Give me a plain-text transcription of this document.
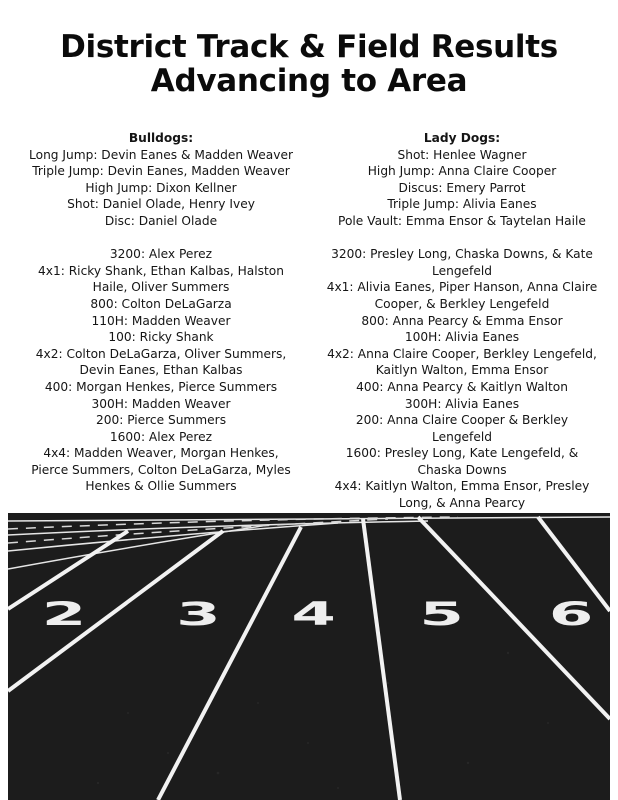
District Track & Field Results
Advancing to Area
Bulldogs:
Long Jump: Devin Eanes & Madden Weaver
Triple Jump: Devin Eanes, Madden Weaver
High Jump: Dixon Kellner
Shot: Daniel Olade, Henry Ivey
Disc: Daniel Olade
3200: Alex Perez
4x1: Ricky Shank, Ethan Kalbas, Halston Haile, Oliver Summers
800: Colton DeLaGarza
110H: Madden Weaver
100: Ricky Shank
4x2: Colton DeLaGarza, Oliver Summers, Devin Eanes, Ethan Kalbas
400: Morgan Henkes, Pierce Summers
300H: Madden Weaver
200: Pierce Summers
1600: Alex Perez
4x4: Madden Weaver, Morgan Henkes, Pierce Summers, Colton DeLaGarza, Myles Henkes & Ollie Summers
Lady Dogs:
Shot: Henlee Wagner
High Jump: Anna Claire Cooper
Discus: Emery Parrot
Triple Jump: Alivia Eanes
Pole Vault: Emma Ensor & Taytelan Haile
3200: Presley Long, Chaska Downs, & Kate Lengefeld
4x1: Alivia Eanes, Piper Hanson, Anna Claire Cooper, & Berkley Lengefeld
800: Anna Pearcy & Emma Ensor
100H: Alivia Eanes
4x2: Anna Claire Cooper, Berkley Lengefeld, Kaitlyn Walton, Emma Ensor
400: Anna Pearcy & Kaitlyn Walton
300H: Alivia Eanes
200: Anna Claire Cooper & Berkley Lengefeld
1600: Presley Long, Kate Lengefeld, & Chaska Downs
4x4: Kaitlyn Walton, Emma Ensor, Presley Long, & Anna Pearcy
2 3 4 5 6
